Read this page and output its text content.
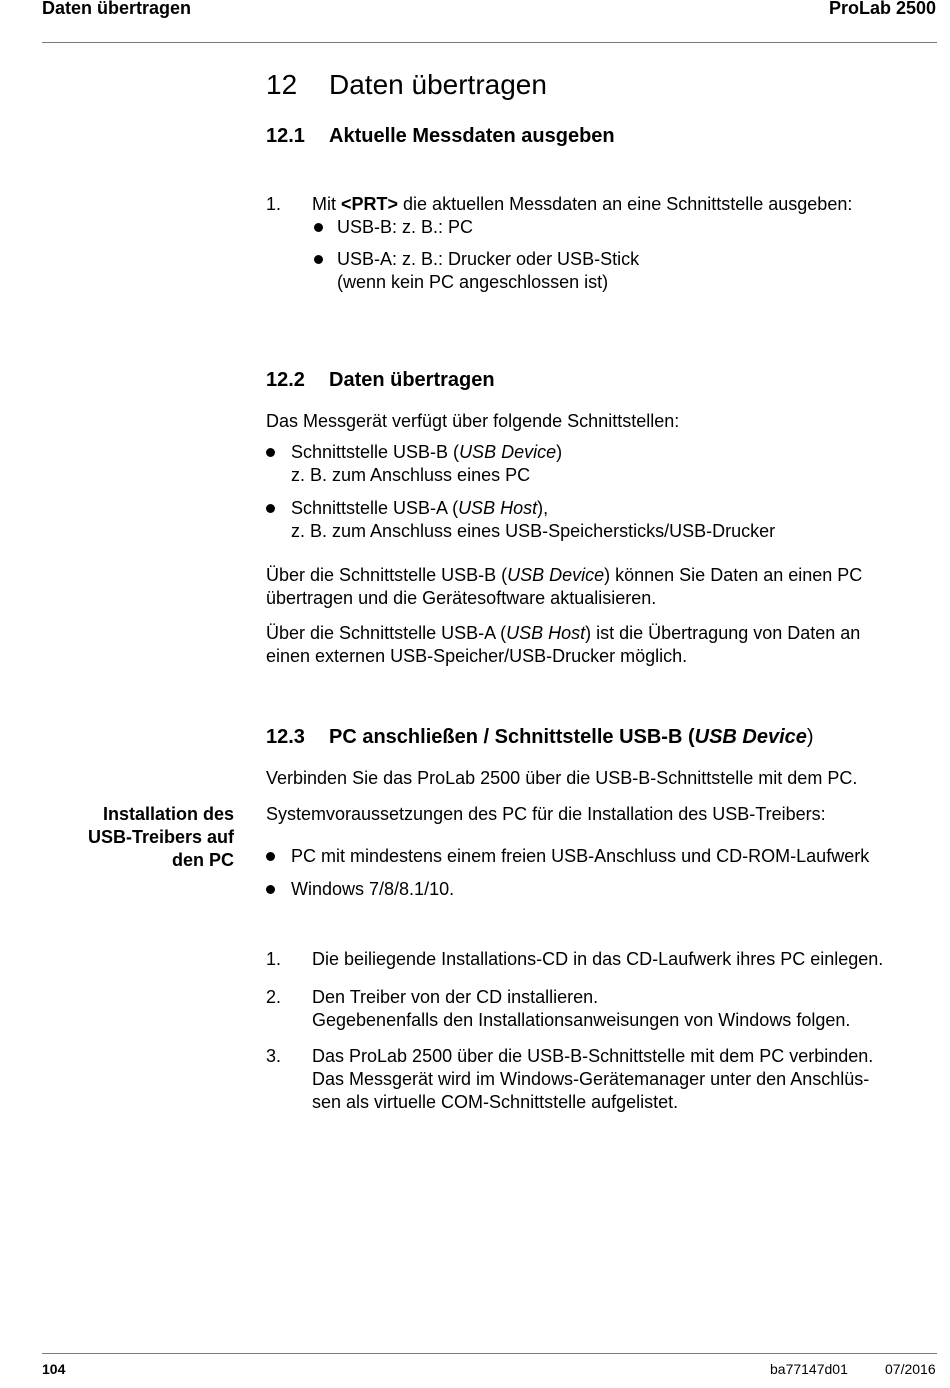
Daten übertragen	ProLab 2500
12 Daten übertragen
12.1 Aktuelle Messdaten ausgeben
1. Mit <PRT> die aktuellen Messdaten an eine Schnittstelle ausgeben:
USB-B: z. B.: PC
USB-A: z. B.: Drucker oder USB-Stick
(wenn kein PC angeschlossen ist)
12.2 Daten übertragen
Das Messgerät verfügt über folgende Schnittstellen:
Schnittstelle USB-B (USB Device)
z. B. zum Anschluss eines PC
Schnittstelle USB-A (USB Host),
z. B. zum Anschluss eines USB-Speichersticks/USB-Drucker
Über die Schnittstelle USB-B (USB Device) können Sie Daten an einen PC
übertragen und die Gerätesoftware aktualisieren.
Über die Schnittstelle USB-A (USB Host) ist die Übertragung von Daten an
einen externen USB-Speicher/USB-Drucker möglich.
12.3 PC anschließen / Schnittstelle USB-B (USB Device)
Verbinden Sie das ProLab 2500 über die USB-B-Schnittstelle mit dem PC.
Installation des
USB-Treibers auf
den PC
Systemvoraussetzungen des PC für die Installation des USB-Treibers:
PC mit mindestens einem freien USB-Anschluss und CD-ROM-Laufwerk
Windows 7/8/8.1/10.
1. Die beiliegende Installations-CD in das CD-Laufwerk ihres PC einlegen.
2. Den Treiber von der CD installieren.
Gegebenenfalls den Installationsanweisungen von Windows folgen.
3. Das ProLab 2500 über die USB-B-Schnittstelle mit dem PC verbinden.
Das Messgerät wird im Windows-Gerätemanager unter den Anschlüs-
sen als virtuelle COM-Schnittstelle aufgelistet.
104	ba77147d01	07/2016
